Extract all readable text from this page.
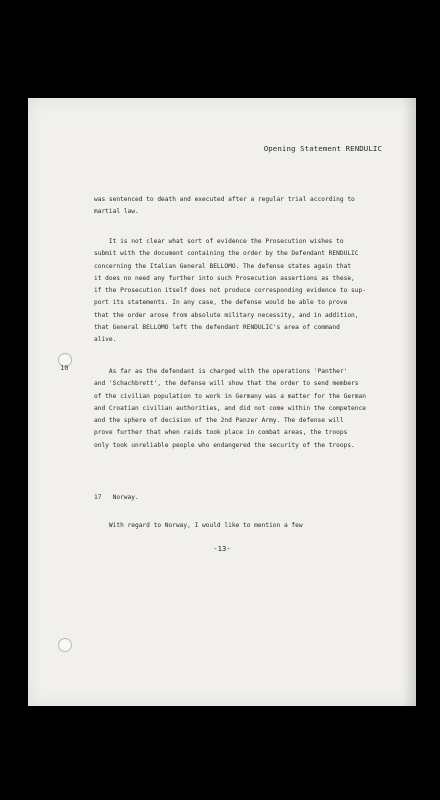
Opening Statement RENDULIC
was sentenced to death and executed after a regular trial according to
martial law.
It is not clear what sort of evidence the Prosecution wishes to
submit with the document containing the order by the Defendant RENDULIC
concerning the Italian General BELLOMO. The defense states again that
it does no need any further into such Prosecution assertions as these,
if the Prosecution itself does not produce corresponding evidence to sup-
port its statements. In any case, the defense would be able to prove
that the order arose from absolute military necessity, and in addition,
that General BELLOMO left the defendant RENDULIC's area of command
alive.
10	As far as the defendant is charged with the operations 'Panther'
and 'Schachbrett', the defense will show that the order to send members
of the civilian population to work in Germany was a matter for the German
and Croatian civilian authorities, and did not come within the competence
and the sphere of decision of the 2nd Panzer Army. The defense will
prove further that when raids took place in combat areas, the troops
only took unreliable people who endangered the security of the troops.
17   Norway.
With regard to Norway, I would like to mention a few
-13-
